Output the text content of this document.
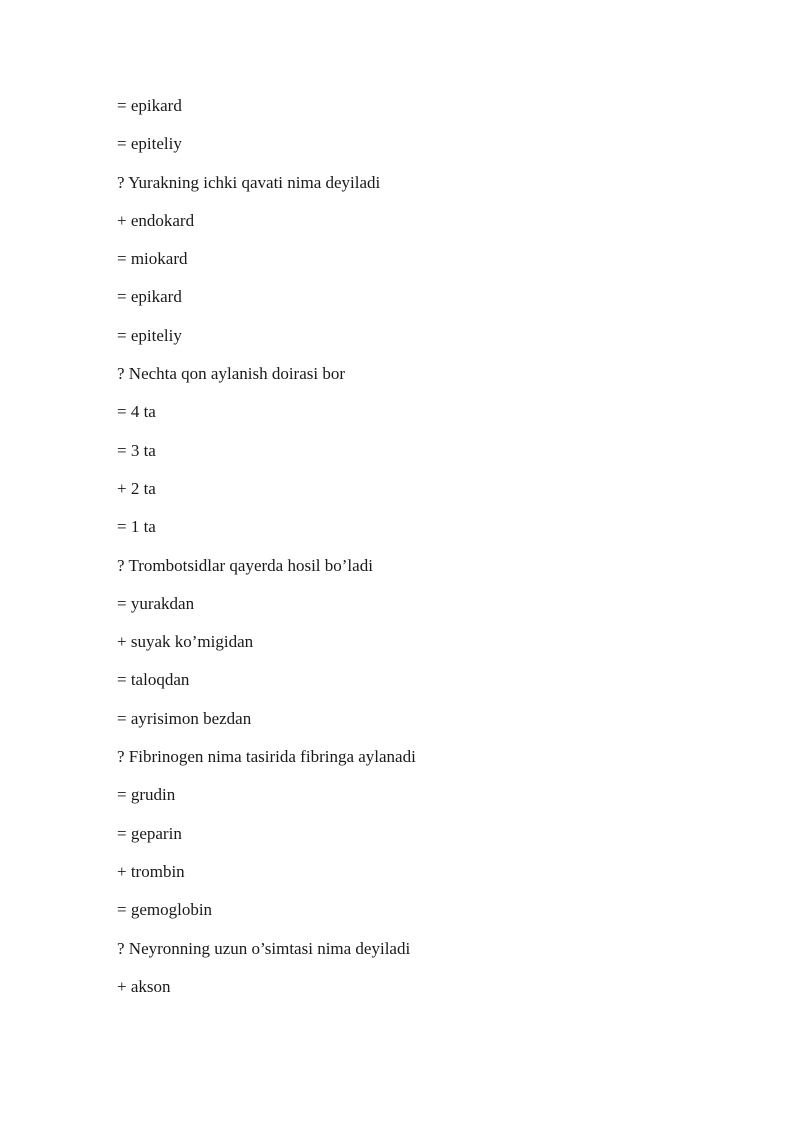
= epikard
= epiteliy
? Yurakning ichki qavati nima deyiladi
+ endokard
= miokard
= epikard
= epiteliy
? Nechta qon aylanish doirasi bor
= 4 ta
= 3 ta
+ 2 ta
= 1 ta
? Trombotsidlar qayerda hosil bo’ladi
= yurakdan
+ suyak ko’migidan
= taloqdan
= ayrisimon bezdan
? Fibrinogen nima tasirida fibringa aylanadi
= grudin
= geparin
+ trombin
= gemoglobin
? Neyronning uzun o’simtasi nima deyiladi
+ akson
